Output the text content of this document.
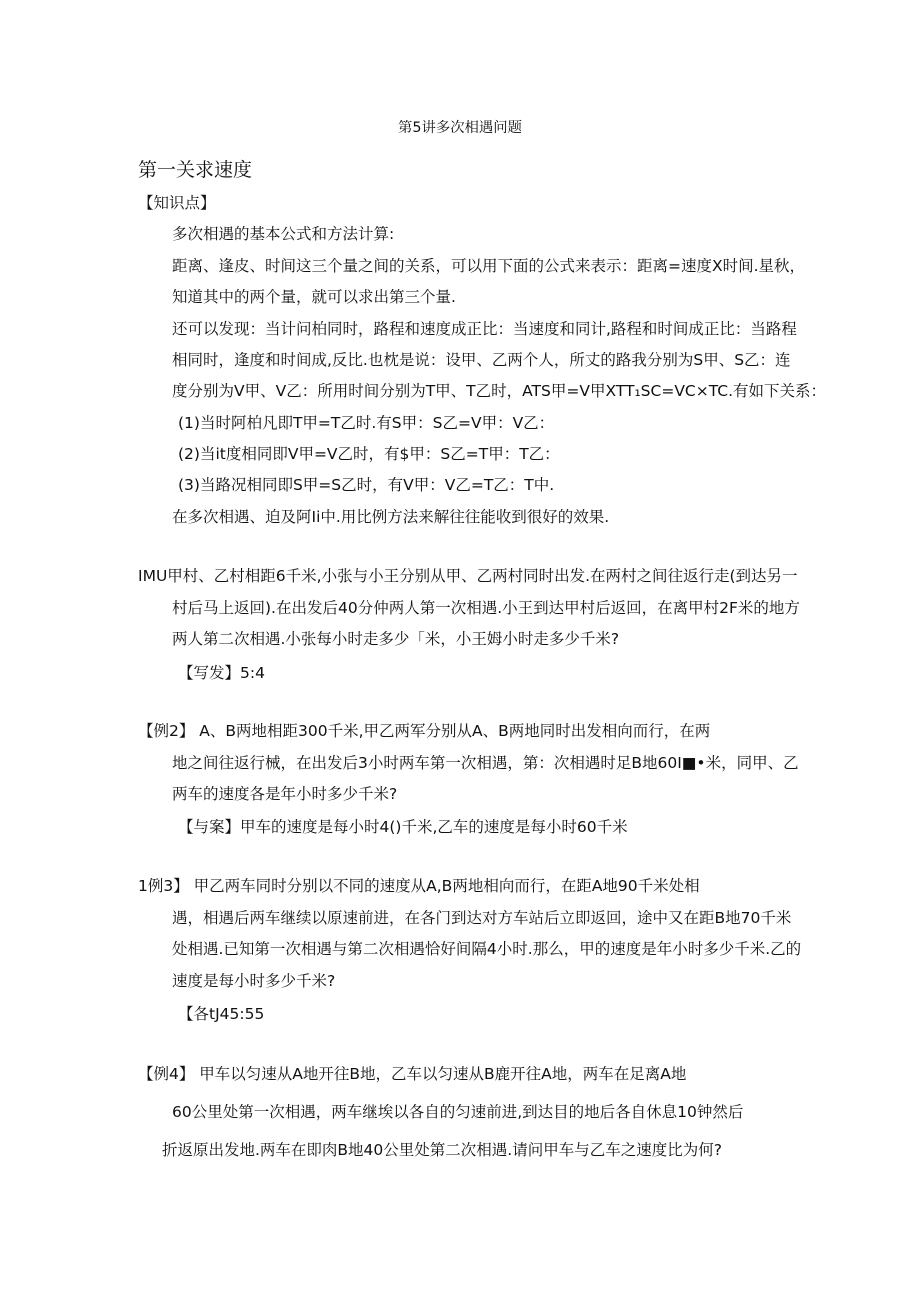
第5讲多次相遇问题
第一关求速度
【知识点】
多次相遇的基本公式和方法计算:
距离、逢皮、时间这三个量之间的关系，可以用下面的公式来表示：距离=速度X时间.星秋，
知道其中的两个量，就可以求出第三个量.
还可以发现：当计问柏同时，路程和速度成正比：当速度和同计,路程和时间成正比：当路程
相同时，逢度和时间成,反比.也枕是说：设甲、乙两个人，所丈的路我分别为S甲、S乙：连
度分别为V甲、V乙：所用时间分别为T甲、T乙时，ATS甲=V甲XTT₁SC=VC×TC.有如下关系：
(1)当时阿柏凡即T甲=T乙时.有S甲：S乙=V甲：V乙：
(2)当it度相同即V甲=V乙时，有$甲：S乙=T甲：T乙：
(3)当路况相同即S甲=S乙时，有V甲：V乙=T乙：T中.
在多次相遇、迫及阿Ii中.用比例方法来解往往能收到很好的效果.
IMU甲村、乙村相距6千米,小张与小王分别从甲、乙两村同时出发.在两村之间往返行走(到达另一
村后马上返回).在出发后40分仲两人第一次相遇.小王到达甲村后返回，在离甲村2F米的地方
两人第二次相遇.小张每小时走多少「米，小王姆小时走多少千米?
【写发】5:4
【例2】 A、B两地相距300千米,甲乙两军分别从A、B两地同时出发相向而行，在两
地之间往返行械，在出发后3小时两车第一次相遇，第：次相遇时足B地60I■•米，同甲、乙
两车的速度各是年小时多少千米?
【与案】甲车的速度是每小时4()千米,乙车的速度是每小时60千米
1例3】 甲乙两车同时分别以不同的速度从A,B两地相向而行，在距A地90千米处相
遇，相遇后两车继续以原速前进，在各门到达对方车站后立即返回，途中又在距B地70千米
处相遇.已知第一次相遇与第二次相遇恰好间隔4小时.那么，甲的速度是年小时多少千米.乙的
速度是每小时多少千米?
【各tJ45:55
【例4】 甲车以匀速从A地开往B地，乙车以匀速从B鹿开往A地，两车在足离A地
60公里处第一次相遇，两车继埃以各自的匀速前进,到达目的地后各自休息10钟然后
折返原出发地.两车在即肉B地40公里处第二次相遇.请问甲车与乙车之速度比为何?
